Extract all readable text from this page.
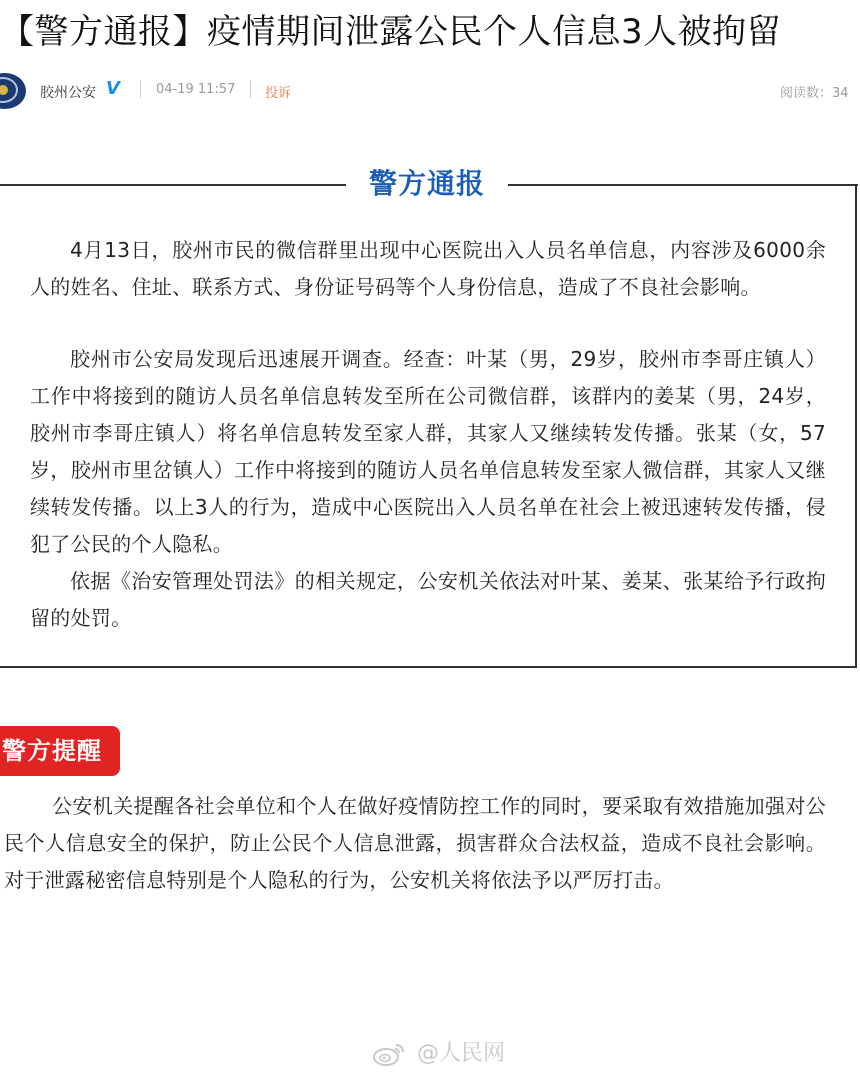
【警方通报】疫情期间泄露公民个人信息3人被拘留
胶州公安 V	04-19 11:57 投诉	阅读数：34
警方通报
4月13日，胶州市民的微信群里出现中心医院出入人员名单信息，内容涉及6000余人的姓名、住址、联系方式、身份证号码等个人身份信息，造成了不良社会影响。
胶州市公安局发现后迅速展开调查。经查：叶某（男，29岁，胶州市李哥庄镇人）工作中将接到的随访人员名单信息转发至所在公司微信群，该群内的姜某（男，24岁，胶州市李哥庄镇人）将名单信息转发至家人群，其家人又继续转发传播。张某（女，57岁，胶州市里岔镇人）工作中将接到的随访人员名单信息转发至家人微信群，其家人又继续转发传播。以上3人的行为，造成中心医院出入人员名单在社会上被迅速转发传播，侵犯了公民的个人隐私。
依据《治安管理处罚法》的相关规定，公安机关依法对叶某、姜某、张某给予行政拘留的处罚。
警方提醒
公安机关提醒各社会单位和个人在做好疫情防控工作的同时，要采取有效措施加强对公民个人信息安全的保护，防止公民个人信息泄露，损害群众合法权益，造成不良社会影响。对于泄露秘密信息特别是个人隐私的行为，公安机关将依法予以严厉打击。
@人民网
